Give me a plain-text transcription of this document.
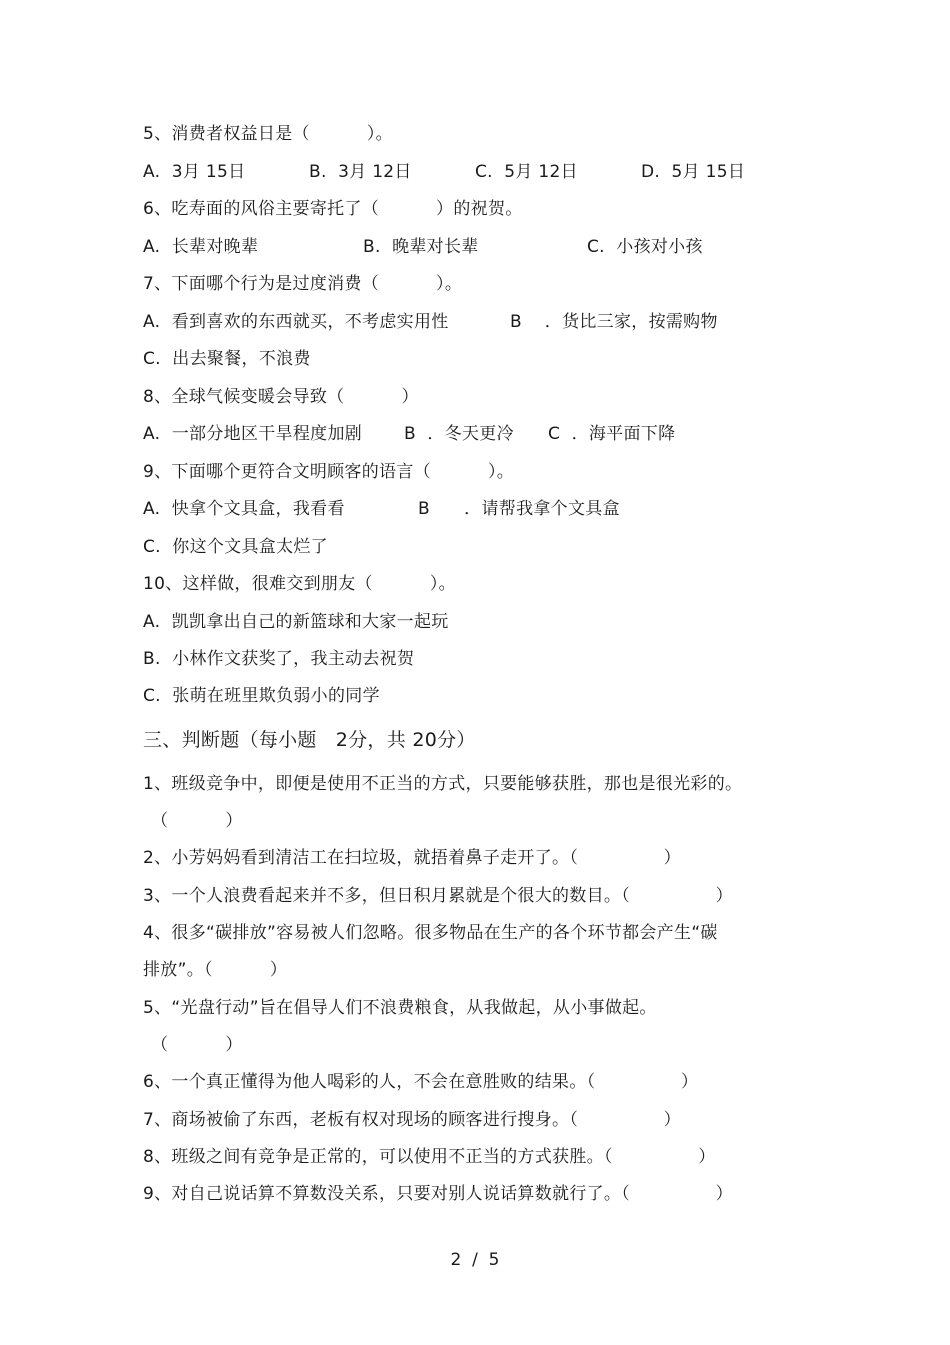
5、消费者权益日是（          ）。

A.  3月 15日

	B.  3月 12日

	C.  5月 12日

	D.  5月 15日

6、吃寿面的风俗主要寄托了（          ）的祝贺。

A.  长辈对晚辈

	B.  晚辈对长辈

	C.  小孩对小孩

7、下面哪个行为是过度消费（          ）。

A.  看到喜欢的东西就买，不考虑实用性

	B    ．货比三家，按需购物

C.  出去聚餐，不浪费
8、全球气候变暖会导致（          ）

A.  一部分地区干旱程度加剧

B  ．冬天更冷

C  ．海平面下降

9、下面哪个更符合文明顾客的语言（          ）。

A.  快拿个文具盒，我看看

	B      ．请帮我拿个文具盒

C.  你这个文具盒太烂了
10、这样做，很难交到朋友（          ）。
A.  凯凯拿出自己的新篮球和大家一起玩
B.  小林作文获奖了，我主动去祝贺
C.  张萌在班里欺负弱小的同学
三、判断题（每小题   2分，共 20分）
1、班级竞争中，即便是使用不正当的方式，只要能够获胜，那也是很光彩的。
（          ）
2、小芳妈妈看到清洁工在扫垃圾，就捂着鼻子走开了。（               ）
3、一个人浪费看起来并不多，但日积月累就是个很大的数目。（               ）
4、很多“碳排放”容易被人们忽略。很多物品在生产的各个环节都会产生“碳
排放”。（          ）
5、“光盘行动”旨在倡导人们不浪费粮食，从我做起，从小事做起。
（          ）
6、一个真正懂得为他人喝彩的人，不会在意胜败的结果。（               ）
7、商场被偷了东西，老板有权对现场的顾客进行搜身。（               ）
8、班级之间有竞争是正常的，可以使用不正当的方式获胜。（               ）
9、对自己说话算不算数没关系，只要对别人说话算数就行了。（               ）
2  /  5
